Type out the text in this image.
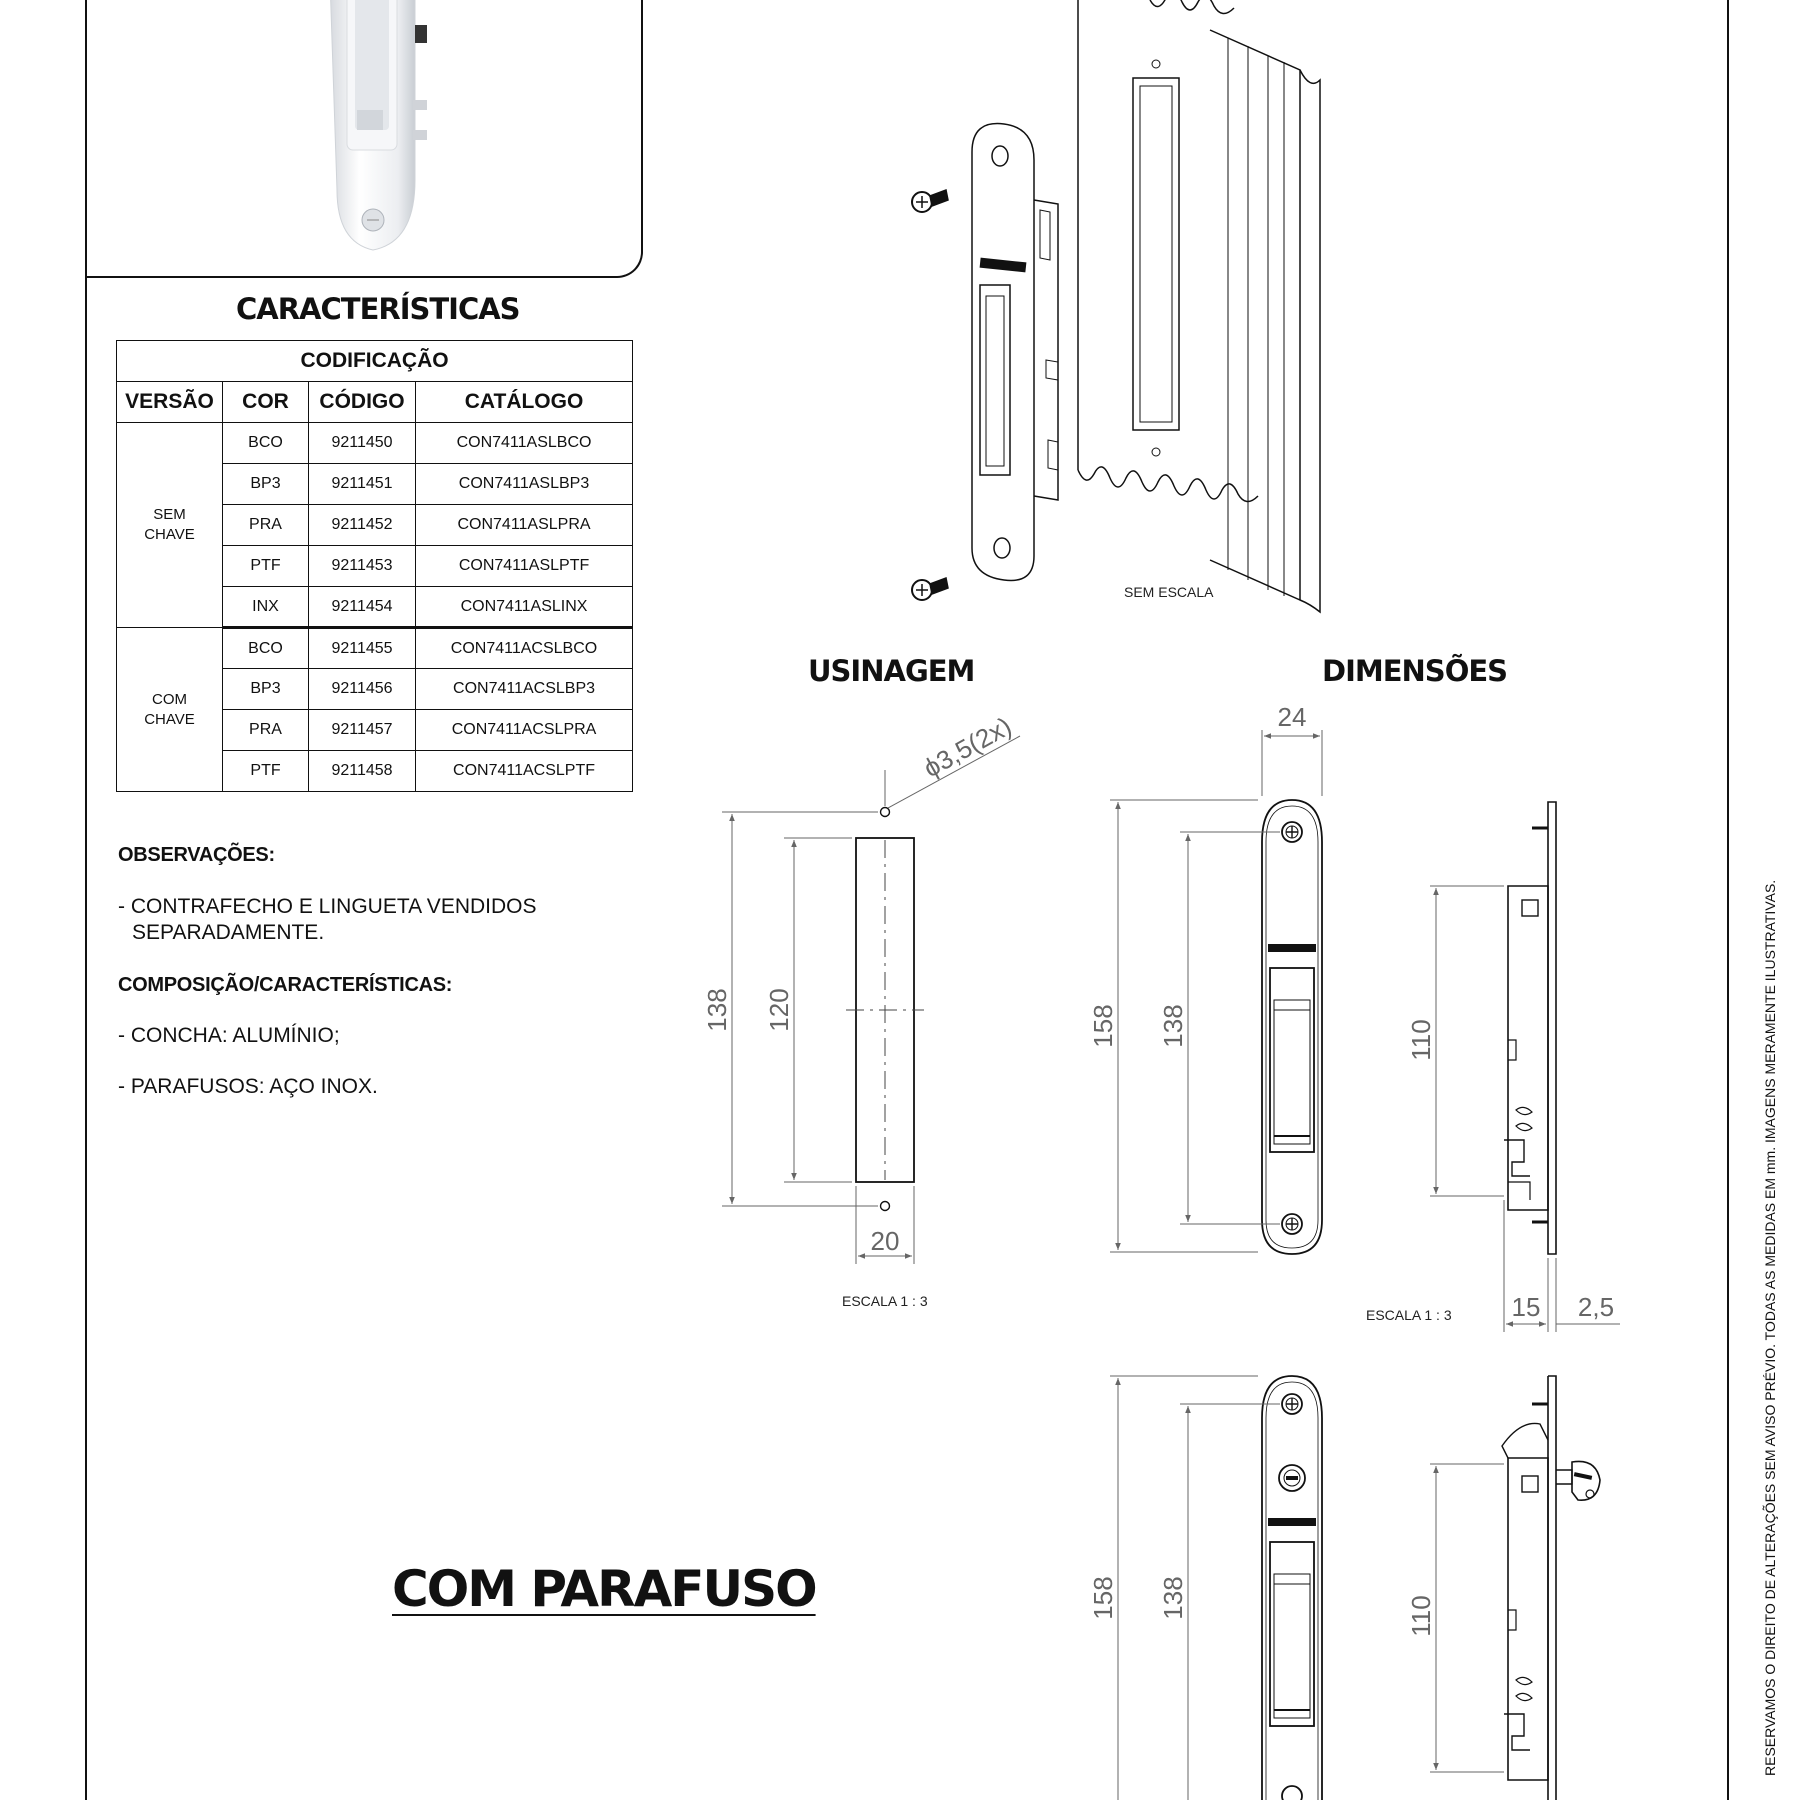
CARACTERÍSTICAS
CODIFICAÇÃO			
VERSÃO	COR	CÓDIGO	CATÁLOGO
SEM
CHAVE	BCO	9211450	CON7411ASLBCO
	BP3	9211451	CON7411ASLBP3
	PRA	9211452	CON7411ASLPRA
	PTF	9211453	CON7411ASLPTF
	INX	9211454	CON7411ASLINX
COM
CHAVE	BCO	9211455	CON7411ACSLBCO
	BP3	9211456	CON7411ACSLBP3
	PRA	9211457	CON7411ACSLPRA
	PTF	9211458	CON7411ACSLPTF

OBSERVAÇÕES:

- CONTRAFECHO E LINGUETA VENDIDOS

SEPARADAMENTE.

COMPOSIÇÃO/CARACTERÍSTICAS:

- CONCHA: ALUMÍNIO;

- PARAFUSOS: AÇO INOX.

COM PARAFUSO
USINAGEM	DIMENSÕES
SEM ESCALA
ϕ3,5(2x)
138 120
20
ESCALA 1 : 3
24
158 138	110
15 2,5
ESCALA 1 : 3
158 138	110	RESERVAMOS O DIREITO DE ALTERAÇÕES SEM AVISO PRÉVIO. TODAS AS MEDIDAS EM mm. IMAGENS MERAMENTE ILUSTRATIVAS.
